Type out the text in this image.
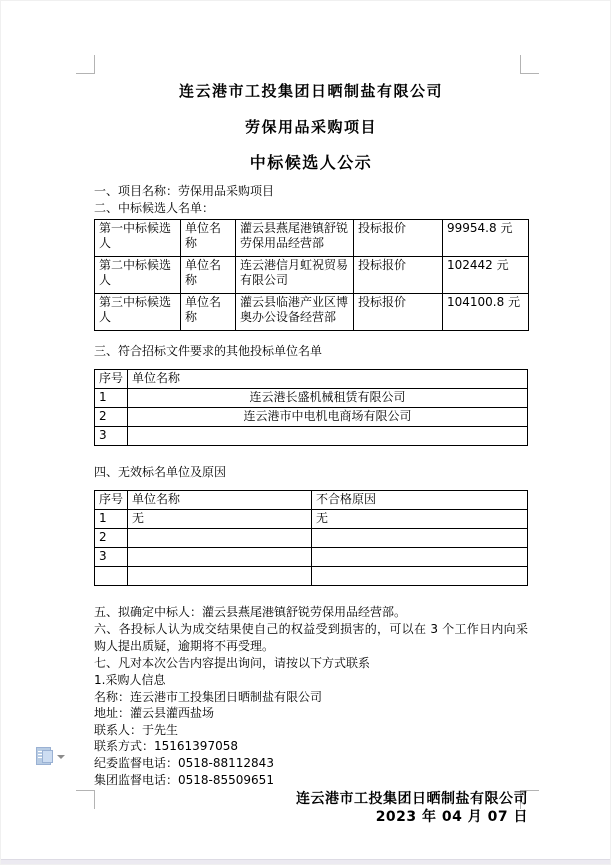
连云港市工投集团日晒制盐有限公司
劳保用品采购项目
中标候选人公示

一、项目名称：劳保用品采购项目

二、中标候选人名单：

第一中标候选人	单位名称	灌云县燕尾港镇舒锐劳保用品经营部	投标报价	99954.8 元
第二中标候选人	单位名称	连云港信月虹祝贸易有限公司	投标报价	102442 元
第三中标候选人	单位名称	灌云县临港产业区博奥办公设备经营部	投标报价	104100.8 元

三、符合招标文件要求的其他投标单位名单

序号	单位名称
1	连云港长盛机械租赁有限公司
2	连云港市中电机电商场有限公司
3	

四、无效标名单位及原因

序号	单位名称	不合格原因
1	无	无
2		
3		

五、拟确定中标人：灌云县燕尾港镇舒锐劳保用品经营部。

六、各投标人认为成交结果使自己的权益受到损害的，可以在 3 个工作日内向采购人提出质疑，逾期将不再受理。

七、凡对本次公告内容提出询问，请按以下方式联系

1.采购人信息

名称：连云港市工投集团日晒制盐有限公司

地址：灌云县灌西盐场

联系人：于先生

联系方式：15161397058

纪委监督电话：0518-88112843

集团监督电话：0518-85509651

连云港市工投集团日晒制盐有限公司
2023 年 04 月 07 日
